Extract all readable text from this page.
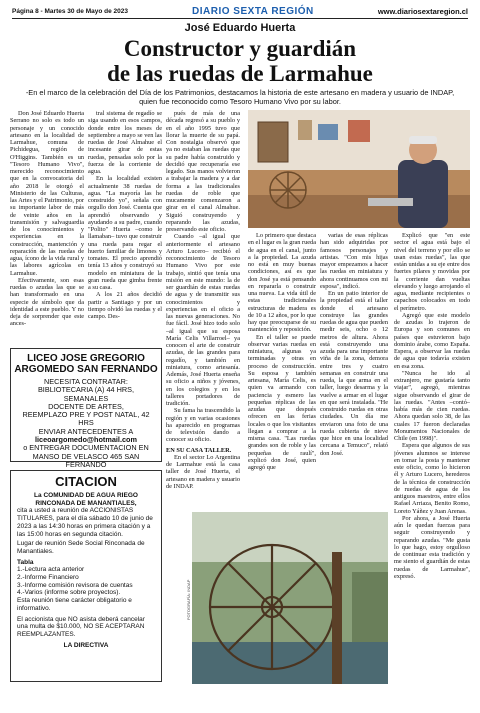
Página 8 - Martes 30 de Mayo de 2023	DIARIO SEXTA REGIÓN	www.diariosextaregion.cl
José Eduardo Huerta
Constructor y guardián
de las ruedas de Larmahue
-En el marco de la celebración del Día de los Patrimonios, destacamos la historia de este artesano en madera y usuario de INDAP, quien fue reconocido como Tesoro Humano Vivo por su labor.

Don José Eduardo Huerta Serrano no solo es todo un personaje y un conocido artesano en la localidad de Larmahue, comuna de Pichidegua, región de O'Higgins. También es un "Tesoro Humano Vivo", merecido reconocimiento que en la convocatoria del año 2018 le otorgó el Ministerio de las Culturas, las Artes y el Patrimonio, por su importante labor de más de veinte años en la transmisión y salvaguardia de los conocimientos y experiencias en la construcción, mantención y reparación de las ruedas de agua, ícono de la vida rural y las labores agrícolas en Larmahue.

Efectivamente, son esas ruedas o azudas las que se han transformado en una especie de símbolo que da identidad a este pueblo. Y no deja de sorprender que este ances-

tral sistema de regadío se siga usando en esos campos, donde entre los meses de septiembre a mayo se ven las ruedas de José Almahue el incesante girar de estas ruedas, pensadas solo por la fuerza de la corriente de agua.

En la localidad existen actualmente 38 ruedas de agua. "La mayoría las he construido yo", señala con orgullo don José. Cuenta que aprendió observando y ayudando a su padre, cuando "Polito" Huerta –como le llamaban– tuvo que construir una rueda para regar el huerto familiar de limones y tomates. El precio aprendió tenía 13 años y construyó su modelo en miniatura de la gran rueda que gimba frente a su casa.

A los 21 años decidió partir a Santiago y por un tiempo olvidó las ruedas y el campo. Des-

pués de más de una década regresó a su pueblo y en el año 1995 tuvo que llorar la muerte de su papá. Con nostalgia observó que ya no estaban las ruedas que su padre había construido y decidió que recuperaría ese legado. Sus manos volvieron a trabajar la madera y a dar forma a las tradicionales ruedas de roble que mucamente comenzaron a girar en el canal Almahue. Siguió construyendo y reparando las azudas, preservando este oficio.

Cuando –al igual que anteriormente el artesano Arturo Lucero– recibió el reconocimiento de Tesoro Humano Vivo por este trabajo, sintió que tenía una misión en este mundo: la de ser guardián de estas ruedas de agua y de transmitir sus conocimientos y experiencias en el oficio a las nuevas generaciones. No fue fácil. José hizo todo solo –al igual que su esposa María Celis Villarroel– ya conocen el arte de construir azudas, de las grandes para regadío, y también en miniatura, como artesanía. Además, José Huerta enseña su oficio a niños y jóvenes, en los colegios y en los talleres portadores de tradición.

Su fama ha trascendido la región y en varias ocasiones ha aparecido en programas de televisión dando a conocer su oficio.

EN SU CASA TALLER.

En el sector Lo Argentina de Larmahue está la casa taller de José Huerta, el artesano en madera y usuario de INDAP.

Lo primero que destaca en el lugar es la gran rueda de agua en el canal, junto a la propiedad. La azuda no está en muy buenas condiciones, así es que don José ya está pensando en repararla o construir una nueva. La vida útil de estas tradicionales estructuras de madera es de 10 a 12 años, por lo que hay que preocuparse de su mantención y reposición.

En el taller se puede observar varias ruedas en miniatura, algunas ya terminadas y otras en proceso de construcción. Su esposa y también artesana, María Celis, es quien va armando con paciencia y esmero las pequeñas réplicas de las azudas que después ofrecen en las ferias locales o que los visitantes llegan a comprar a la misma casa. "Las ruedas grandes son de roble y las pequeñas de raulí", explicó don José, quien agregó que

varias de esas réplicas han sido adquiridas por famosos personajes y artistas. "Con mis hijas mayor empezamos a hacer las ruedas en miniatura y ahora continuamos con mi esposa", indicó.

En un patio interior de la propiedad está el taller donde el artesano construye las grandes ruedas de agua que pueden medir seis, ocho o 12 metros de altura. Ahora está construyendo una azuda para una importante viña de la zona, demora entre tres y cuatro semanas en construir una rueda, la que arma en el taller, luego desarma y la vuelve a armar en el lugar en que será instalada. "He construido ruedas en otras ciudades. Un día me enviaron una foto de una rueda cubierta de nieve que hice en una localidad cercana a Temuco", relató don José.

Explicó que "en este sector el agua está bajo el nivel del terreno y por ello se usan estas ruedas", las que están unidas a su eje entre dos fuertes pilares y movidas por la corriente dan vueltas elevando y luego arrojando el agua, mediante recipientes o capachos colocados en todo el perímetro.

Agregó que este modelo de azudas lo trajeron de Europa y son comunes en países que estuvieron bajo dominio árabe, como España. Espera, a observar las ruedas de agua que todavía existen en esa zona.

"Nunca he ido al extranjero, me gustaría tanto viajar", agregó, mientras sigue observando el girar de las ruedas. "Antes –contó– había más de cien ruedas. Ahora quedan solo 38, de las cuales 17 fueron declaradas Monumentos Nacionales de Chile (en 1998)".

Espera que algunos de sus jóvenes alumnos se interese en tomar la posta y mantener este oficio, como lo hicieron él y Arturo Lucero, herederos de la técnica de construcción de ruedas de agua de los antiguos maestros, entre ellos Rafael Arriaza, Benito Romo, Loreto Yáñez y Juan Arenas.

Por ahora, a José Huerta aún le quedan fuerzas para seguir construyendo y reparando azudas. "Me gusta lo que hago, estoy orgulloso de continuar esta tradición y me siento el guardián de estas ruedas de Larmahue", expresó.

FOTOGRAFÍA: INDAP
LICEO JOSE GREGORIO ARGOMEDO SAN FERNANDO
NECESITA CONTRATAR:
BIBLIOTECARIA (A) 44 HRS, SEMANALES
DOCENTE DE ARTES,
REEMPLAZO PRE Y POST NATAL, 42 HRS
ENVIAR ANTECEDENTES A
liceoargomedo@hotmail.com
o ENTREGAR DOCUMENTACION EN MANSO DE VELASCO 465 SAN FERNANDO
CITACION
La COMUNIDAD DE AGUA RIEGO RINCONADA DE MANANTIALES,
cita a usted a reunión de ACCIONISTAS TITULARES, para el día sábado 10 de junio de 2023 a las 14:30 horas en primera citación y a las 15:00 horas en segunda citación.
Lugar de reunión Sede Social Rinconada de Manantiales.
Tabla
1.-Lectura acta anterior
2.-Informe Financiero
3.-Informe comisión revisora de cuentas
4.-Varios (informe sobre proyectos).
Esta reunión tiene carácter obligatorio e informativo.
El accionista que NO asista deberá cancelar una multa de $10.000, NO SE ACEPTARAN REEMPLAZANTES.
LA DIRECTIVA
